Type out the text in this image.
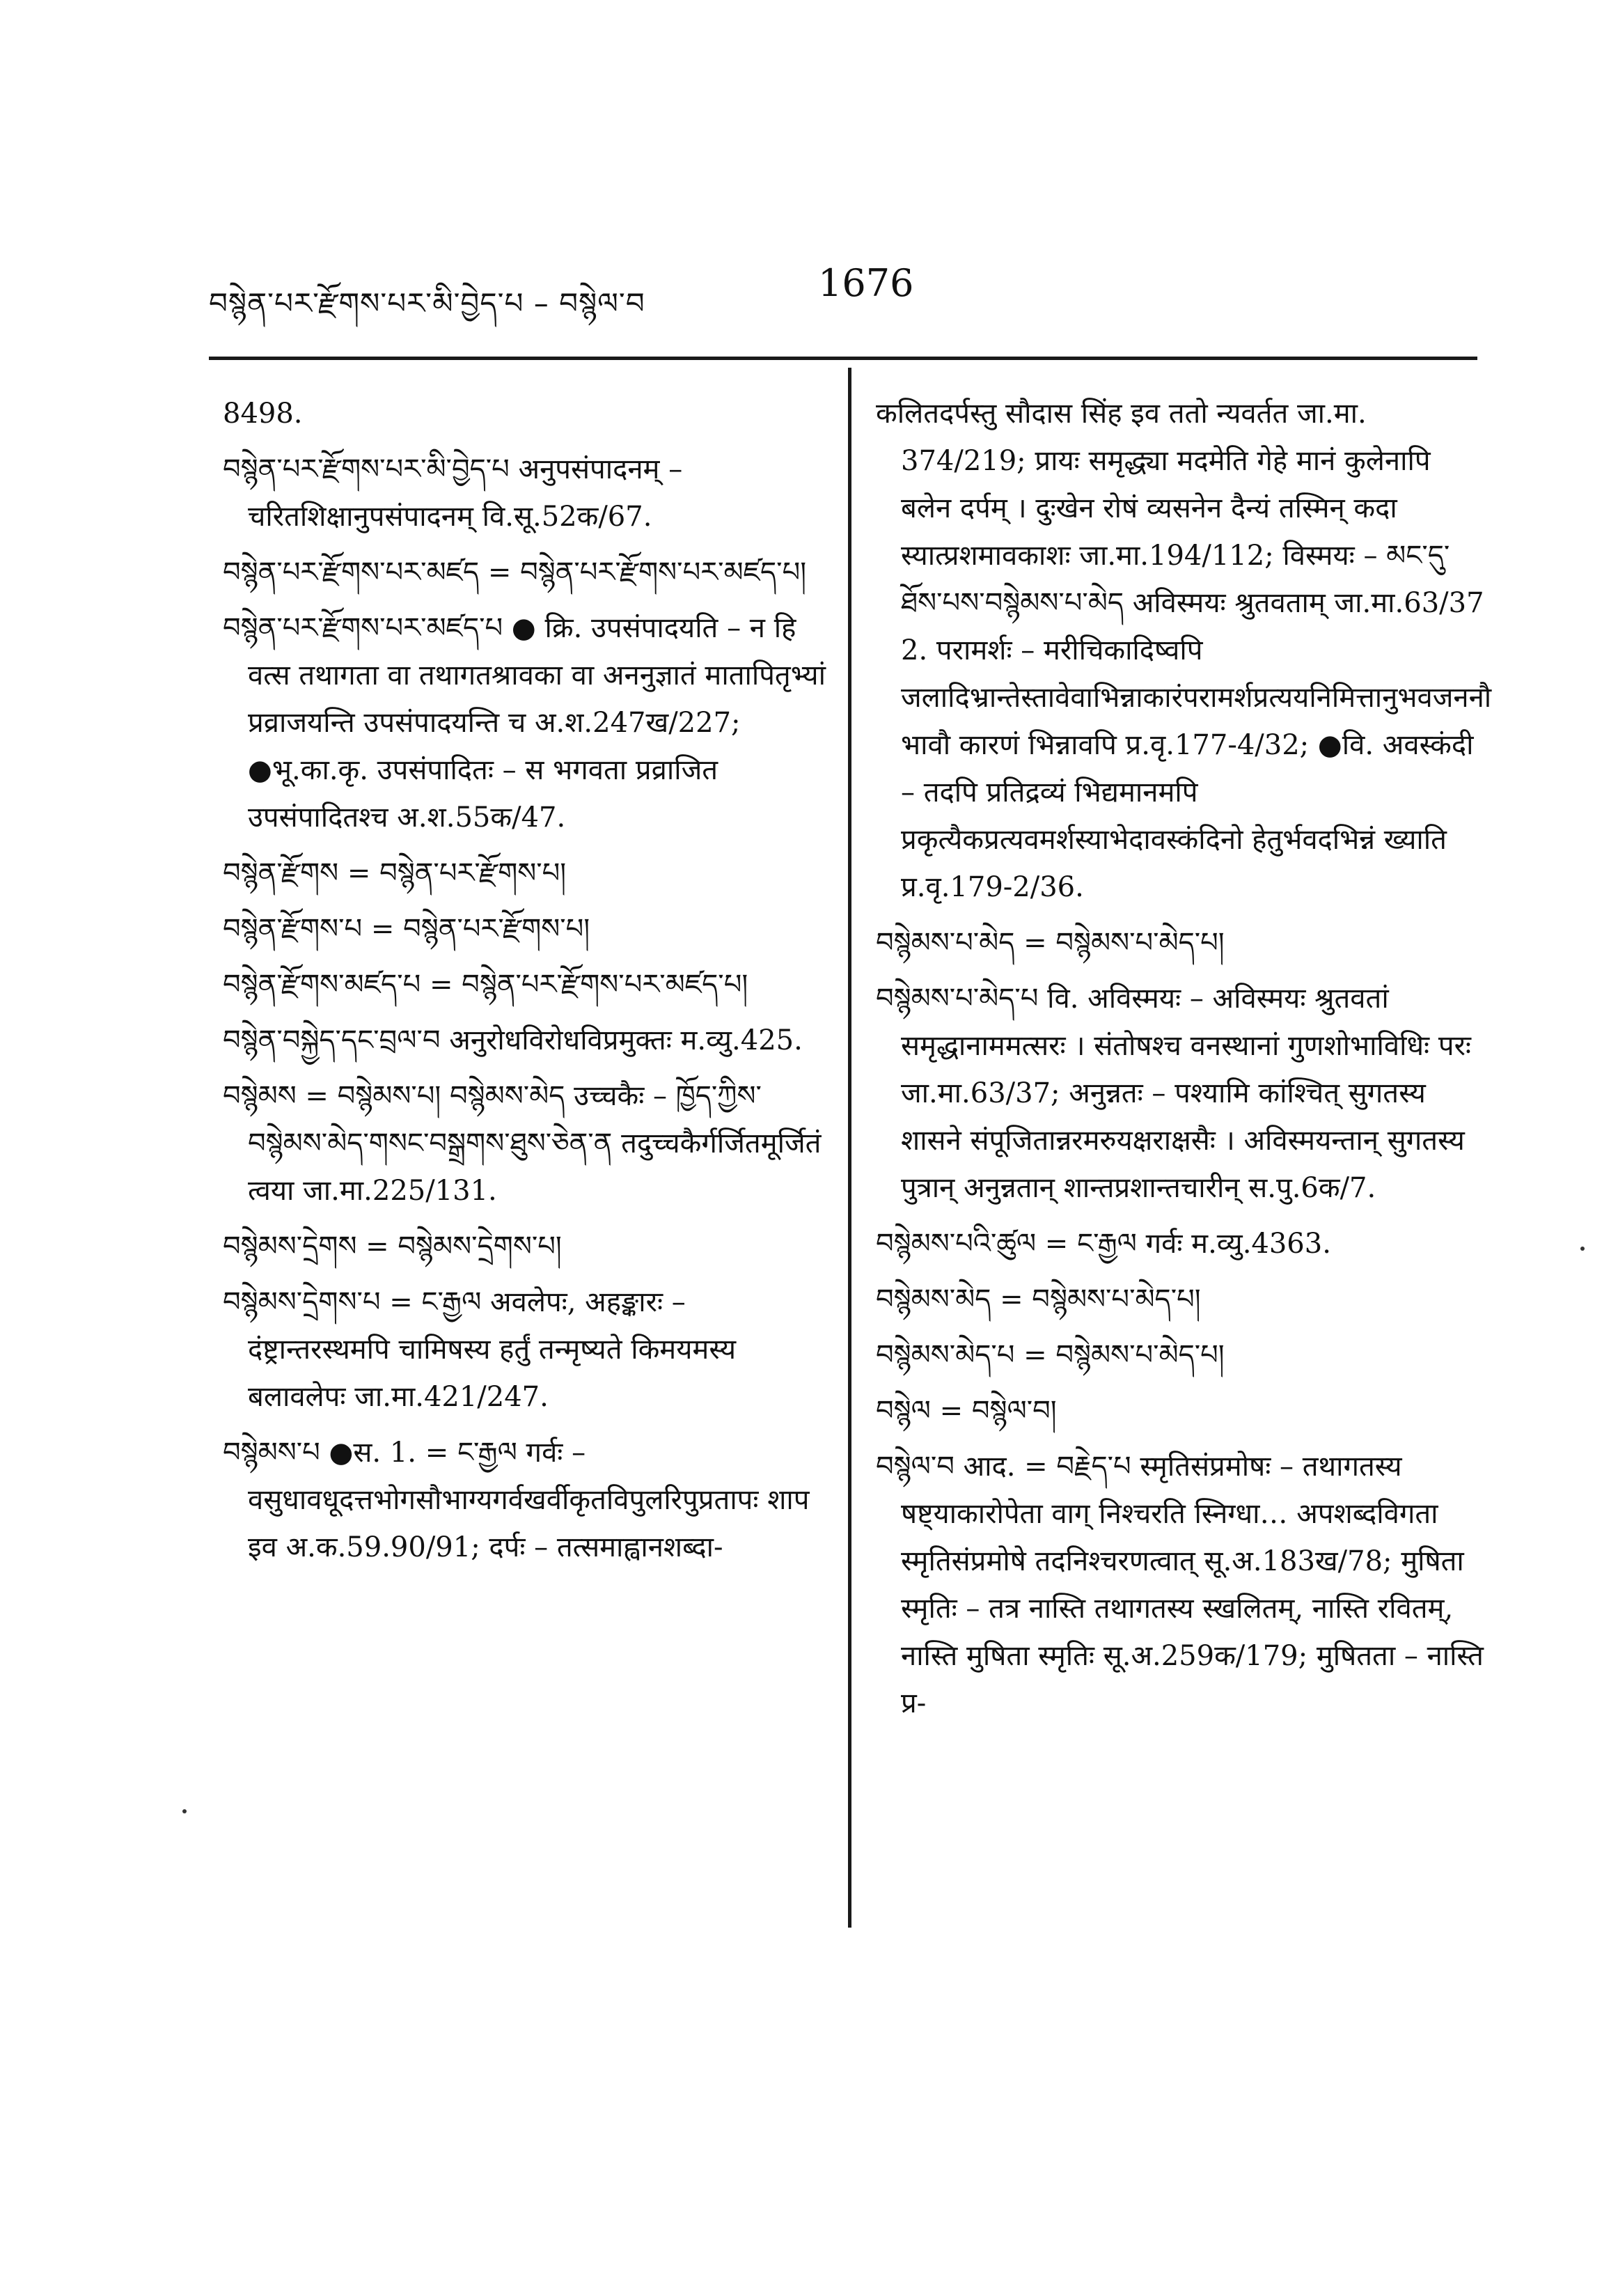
བསྙེན་པར་རྫོགས་པར་མི་བྱེད་པ – བསྙེལ་བ	1676
8498.
བསྙེན་པར་རྫོགས་པར་མི་བྱེད་པ अनुपसंपादनम् – चरितशिक्षानुपसंपादनम् वि.सू.52क/67.
བསྙེན་པར་རྫོགས་པར་མཛད = བསྙེན་པར་རྫོགས་པར་མཛད་པ།
བསྙེན་པར་རྫོགས་པར་མཛད་པ ● क्रि. उपसंपादयति – न हि वत्स तथागता वा तथागतश्रावका वा अननुज्ञातं मातापितृभ्यां प्रव्राजयन्ति उपसंपादयन्ति च अ.श.247ख/227; ●भू.का.कृ. उपसंपादितः – स भगवता प्रव्राजित उपसंपादितश्च अ.श.55क/47.
བསྙེན་རྫོགས = བསྙེན་པར་རྫོགས་པ།
བསྙེན་རྫོགས་པ = བསྙེན་པར་རྫོགས་པ།
བསྙེན་རྫོགས་མཛད་པ = བསྙེན་པར་རྫོགས་པར་མཛད་པ།
བསྙེན་བསྐྱེད་དང་བྲལ་བ अनुरोधविरोधविप्रमुक्तः म.व्यु.425.
བསྙེམས = བསྙེམས་པ། བསྙེམས་མེད उच्चकैः – ཁྱོད་ཀྱིས་བསྙེམས་མེད་གསང་བསྒྲགས་ཐུས་ཅེན་ན तदुच्चकैर्गर्जितमूर्जितं त्वया जा.मा.225/131.
བསྙེམས་དྲེགས = བསྙེམས་དྲེགས་པ།
བསྙེམས་དྲེགས་པ = ང་རྒྱལ अवलेपः, अहङ्कारः – दंष्ट्रान्तरस्थमपि चामिषस्य हर्तुं तन्मृष्यते किमयमस्य बलावलेपः जा.मा.421/247.
བསྙེམས་པ ●स. 1. = ང་རྒྱལ गर्वः – वसुधावधूदत्तभोगसौभाग्यगर्वखर्वीकृतविपुलरिपुप्रतापः शाप इव अ.क.59.90/91; दर्पः – तत्समाह्वानशब्दा-
कलितदर्पस्तु सौदास सिंह इव ततो न्यवर्तत जा.मा. 374/219; प्रायः समृद्ध्या मदमेति गेहे मानं कुलेनापि बलेन दर्पम् । दुःखेन रोषं व्यसनेन दैन्यं तस्मिन् कदा स्यात्प्रशमावकाशः जा.मा.194/112; विस्मयः – མང་དུ་ཐོས་པས་བསྙེམས་པ་མེད अविस्मयः श्रुतवताम् जा.मा.63/37 2. परामर्शः – मरीचिकादिष्वपि जलादिभ्रान्तेस्तावेवाभिन्नाकारंपरामर्शप्रत्ययनिमित्तानुभवजननौ भावौ कारणं भिन्नावपि प्र.वृ.177-4/32; ●वि. अवस्कंदी – तदपि प्रतिद्रव्यं भिद्यमानमपि प्रकृत्यैकप्रत्यवमर्शस्याभेदावस्कंदिनो हेतुर्भवदभिन्नं ख्याति प्र.वृ.179-2/36.
བསྙེམས་པ་མེད = བསྙེམས་པ་མེད་པ།
བསྙེམས་པ་མེད་པ वि. अविस्मयः – अविस्मयः श्रुतवतां समृद्धानाममत्सरः । संतोषश्च वनस्थानां गुणशोभाविधिः परः जा.मा.63/37; अनुन्नतः – पश्यामि कांश्चित् सुगतस्य शासने संपूजितान्नरमरुयक्षराक्षसैः । अविस्मयन्तान् सुगतस्य पुत्रान् अनुन्नतान् शान्तप्रशान्तचारीन् स.पु.6क/7.
བསྙེམས་པའི་ཚུལ = ང་རྒྱལ गर्वः म.व्यु.4363.
བསྙེམས་མེད = བསྙེམས་པ་མེད་པ།
བསྙེམས་མེད་པ = བསྙེམས་པ་མེད་པ།
བསྙེལ = བསྙེལ་བ།
བསྙེལ་བ आद. = བརྗེད་པ स्मृतिसंप्रमोषः – तथागतस्य षष्ट्याकारोपेता वाग् निश्चरति स्निग्धा… अपशब्दविगता स्मृतिसंप्रमोषे तदनिश्चरणत्वात् सू.अ.183ख/78; मुषिता स्मृतिः – तत्र नास्ति तथागतस्य स्खलितम्, नास्ति रवितम्, नास्ति मुषिता स्मृतिः सू.अ.259क/179; मुषितता – नास्ति प्र-
